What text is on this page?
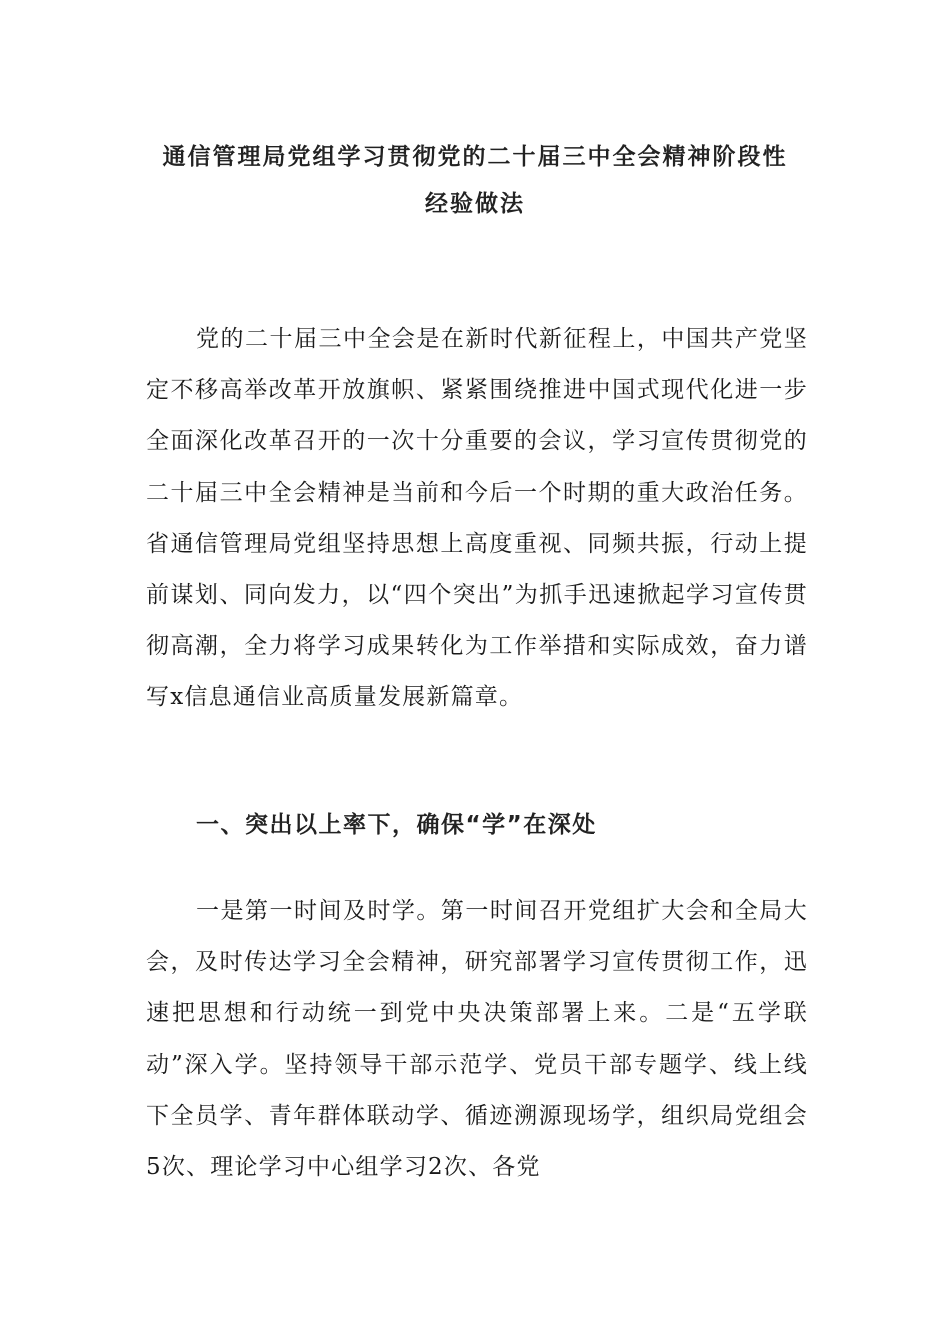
通信管理局党组学习贯彻党的二十届三中全会精神阶段性
经验做法

党的二十届三中全会是在新时代新征程上，中国共产党坚定不移高举改革开放旗帜、紧紧围绕推进中国式现代化进一步全面深化改革召开的一次十分重要的会议，学习宣传贯彻党的二十届三中全会精神是当前和今后一个时期的重大政治任务。省通信管理局党组坚持思想上高度重视、同频共振，行动上提前谋划、同向发力，以“四个突出”为抓手迅速掀起学习宣传贯彻高潮，全力将学习成果转化为工作举措和实际成效，奋力谱写x信息通信业高质量发展新篇章。

一、突出以上率下，确保“学”在深处

一是第一时间及时学。第一时间召开党组扩大会和全局大会，及时传达学习全会精神，研究部署学习宣传贯彻工作，迅速把思想和行动统一到党中央决策部署上来。二是“五学联动”深入学。坚持领导干部示范学、党员干部专题学、线上线下全员学、青年群体联动学、循迹溯源现场学，组织局党组会5次、理论学习中心组学习2次、各党
